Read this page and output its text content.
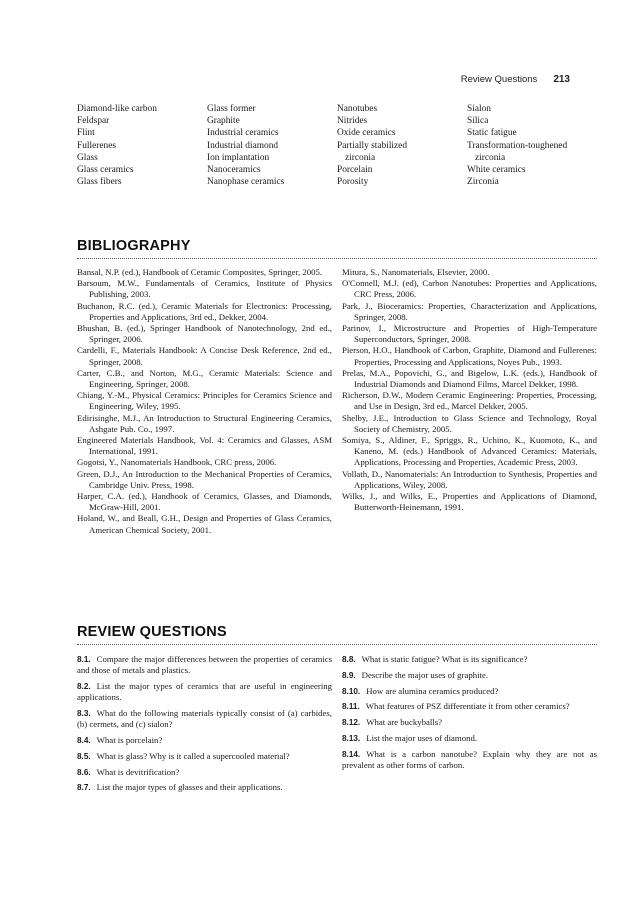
Review Questions 213
Diamond-like carbon
Feldspar
Flint
Fullerenes
Glass
Glass ceramics
Glass fibers
Glass former
Graphite
Industrial ceramics
Industrial diamond
Ion implantation
Nanoceramics
Nanophase ceramics
Nanotubes
Nitrides
Oxide ceramics
Partially stabilized
zirconia
Porcelain
Porosity
Sialon
Silica
Static fatigue
Transformation-toughened
zirconia
White ceramics
Zirconia
BIBLIOGRAPHY

Bansal, N.P. (ed.), Handbook of Ceramic Composites, Springer, 2005.

Barsoum, M.W., Fundamentals of Ceramics, Institute of Physics Publishing, 2003.

Buchanon, R.C. (ed.), Ceramic Materials for Electronics: Processing, Properties and Applications, 3rd ed., Dekker, 2004.

Bhushan, B. (ed.), Springer Handbook of Nanotechnology, 2nd ed., Springer, 2006.

Cardelli, F., Materials Handbook: A Concise Desk Reference, 2nd ed., Springer, 2008.

Carter, C.B., and Norton, M.G., Ceramic Materials: Science and Engineering, Springer, 2008.

Chiang, Y.-M., Physical Ceramics: Principles for Ceramics Science and Engineering, Wiley, 1995.

Edirisinghe, M.J., An Introduction to Structural Engineering Ceramics, Ashgate Pub. Co., 1997.

Engineered Materials Handbook, Vol. 4: Ceramics and Glasses, ASM International, 1991.

Gogotsi, Y., Nanomaterials Handbook, CRC press, 2006.

Green, D.J., An Introduction to the Mechanical Properties of Ceramics, Cambridge Univ. Press, 1998.

Harper, C.A. (ed.), Handbook of Ceramics, Glasses, and Diamonds, McGraw-Hill, 2001.

Holand, W., and Beall, G.H., Design and Properties of Glass Ceramics, American Chemical Society, 2001.

Mitura, S., Nanomaterials, Elsevier, 2000.

O'Connell, M.J. (ed), Carbon Nanotubes: Properties and Applications, CRC Press, 2006.

Park, J., Bioceramics: Properties, Characterization and Applications, Springer, 2008.

Parinov, I., Microstructure and Properties of High-Temperature Superconductors, Springer, 2008.

Pierson, H.O., Handbook of Carbon, Graphite, Diamond and Fullerenes: Properties, Processing and Applications, Noyes Pub., 1993.

Prelas, M.A., Popovichi, G., and Bigelow, L.K. (eds.), Handbook of Industrial Diamonds and Diamond Films, Marcel Dekker, 1998.

Richerson, D.W., Modern Ceramic Engineering: Properties, Processing, and Use in Design, 3rd ed., Marcel Dekker, 2005.

Shelby, J.E., Introduction to Glass Science and Technology, Royal Society of Chemistry, 2005.

Somiya, S., Aldiner, F., Spriggs, R., Uchino, K., Kuomoto, K., and Kaneno, M. (eds.) Handbook of Advanced Ceramics: Materials, Applications, Processing and Properties, Academic Press, 2003.

Vollath, D., Nanomaterials: An Introduction to Synthesis, Properties and Applications, Wiley, 2008.

Wilks, J., and Wilks, E., Properties and Applications of Diamond, Butterworth-Heinemann, 1991.

REVIEW QUESTIONS

8.1. Compare the major differences between the properties of ceramics and those of metals and plastics.

8.2. List the major types of ceramics that are useful in engineering applications.

8.3. What do the following materials typically consist of (a) carbides, (b) cermets, and (c) sialon?

8.4. What is porcelain?

8.5. What is glass? Why is it called a supercooled material?

8.6. What is devitrification?

8.7. List the major types of glasses and their applications.

8.8. What is static fatigue? What is its significance?

8.9. Describe the major uses of graphite.

8.10. How are alumina ceramics produced?

8.11. What features of PSZ differentiate it from other ceramics?

8.12. What are buckyballs?

8.13. List the major uses of diamond.

8.14. What is a carbon nanotube? Explain why they are not as prevalent as other forms of carbon.
